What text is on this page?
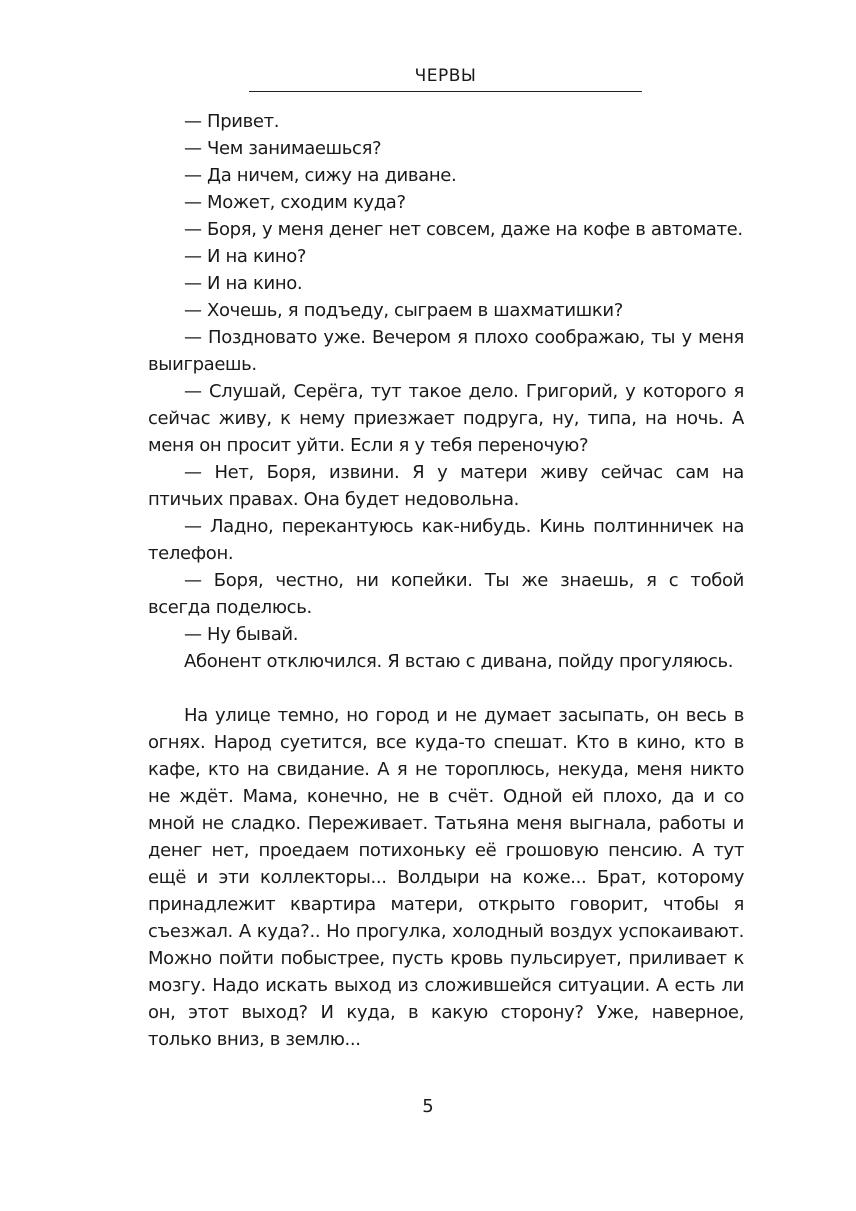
ЧЕРВЫ

— Привет.

— Чем занимаешься?

— Да ничем, сижу на диване.

— Может, сходим куда?

— Боря, у меня денег нет совсем, даже на кофе в автомате.

— И на кино?

— И на кино.

— Хочешь, я подъеду, сыграем в шахматишки?

— Поздновато уже. Вечером я плохо соображаю, ты у меня выиграешь.

— Слушай, Серёга, тут такое дело. Григорий, у которого я сейчас живу, к нему приезжает подруга, ну, типа, на ночь. А меня он просит уйти. Если я у тебя переночую?

— Нет, Боря, извини. Я у матери живу сейчас сам на птичьих правах. Она будет недовольна.

— Ладно, перекантуюсь как-нибудь. Кинь полтинничек на телефон.

— Боря, честно, ни копейки. Ты же знаешь, я с тобой всегда поделюсь.

— Ну бывай.

Абонент отключился. Я встаю с дивана, пойду прогуляюсь.

На улице темно, но город и не думает засыпать, он весь в огнях. Народ суетится, все куда-то спешат. Кто в кино, кто в кафе, кто на свидание. А я не тороплюсь, некуда, меня никто не ждёт. Мама, конечно, не в счёт. Одной ей плохо, да и со мной не сладко. Переживает. Татьяна меня выгнала, работы и денег нет, проедаем потихоньку её грошовую пенсию. А тут ещё и эти коллекторы... Волдыри на коже... Брат, которому принадлежит квартира матери, открыто говорит, чтобы я съезжал. А куда?.. Но прогулка, холодный воздух успокаивают. Можно пойти побыстрее, пусть кровь пульсирует, приливает к мозгу. Надо искать выход из сложившейся ситуации. А есть ли он, этот выход? И куда, в какую сторону? Уже, наверное, только вниз, в землю...

5
